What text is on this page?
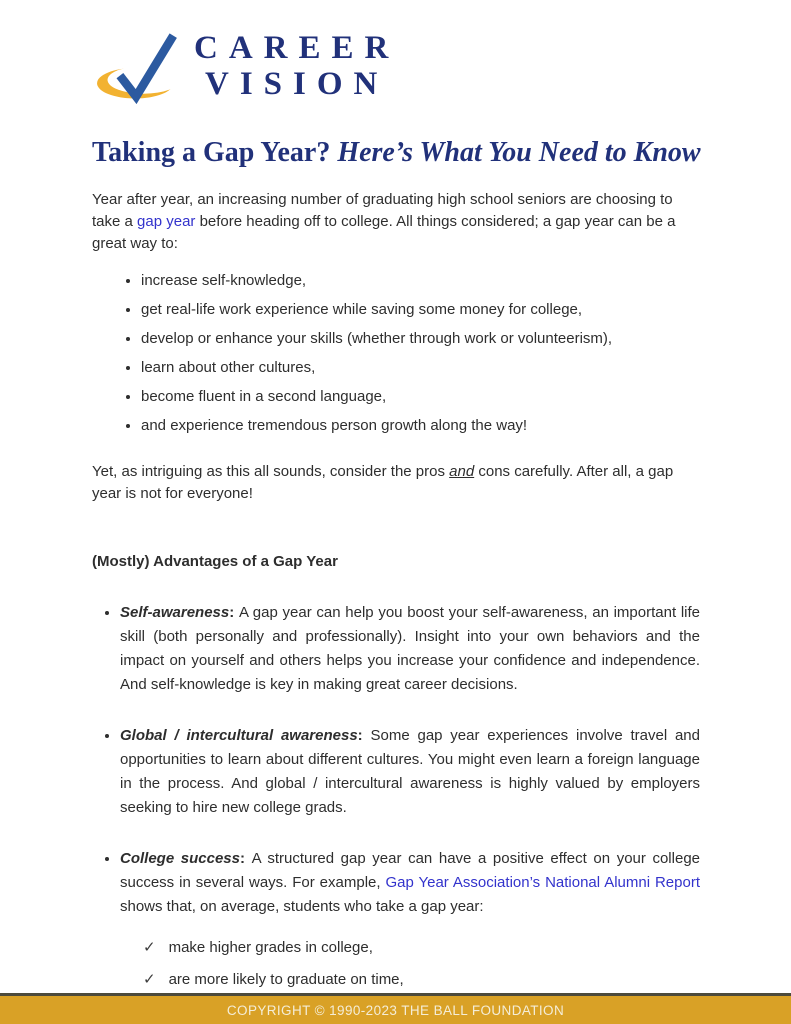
CAREER
VISION
Taking a Gap Year? Here’s What You Need to Know

Year after year, an increasing number of graduating high school seniors are choosing to take a gap year before heading off to college. All things considered; a gap year can be a great way to:

• increase self-knowledge,
• get real-life work experience while saving some money for college,
• develop or enhance your skills (whether through work or volunteerism),
• learn about other cultures,
• become fluent in a second language,
• and experience tremendous person growth along the way!

Yet, as intriguing as this all sounds, consider the pros and cons carefully. After all, a gap year is not for everyone!

(Mostly) Advantages of a Gap Year
• Self-awareness: A gap year can help you boost your self-awareness, an important life skill (both personally and professionally). Insight into your own behaviors and the impact on yourself and others helps you increase your confidence and independence. And self-knowledge is key in making great career decisions.
• Global / intercultural awareness: Some gap year experiences involve travel and opportunities to learn about different cultures. You might even learn a foreign language in the process. And global / intercultural awareness is highly valued by employers seeking to hire new college grads.
• College success: A structured gap year can have a positive effect on your college success in several ways. For example, Gap Year Association’s National Alumni Report shows that, on average, students who take a gap year:
✓ make higher grades in college,
✓ are more likely to graduate on time,
COPYRIGHT © 1990-2023 THE BALL FOUNDATION
